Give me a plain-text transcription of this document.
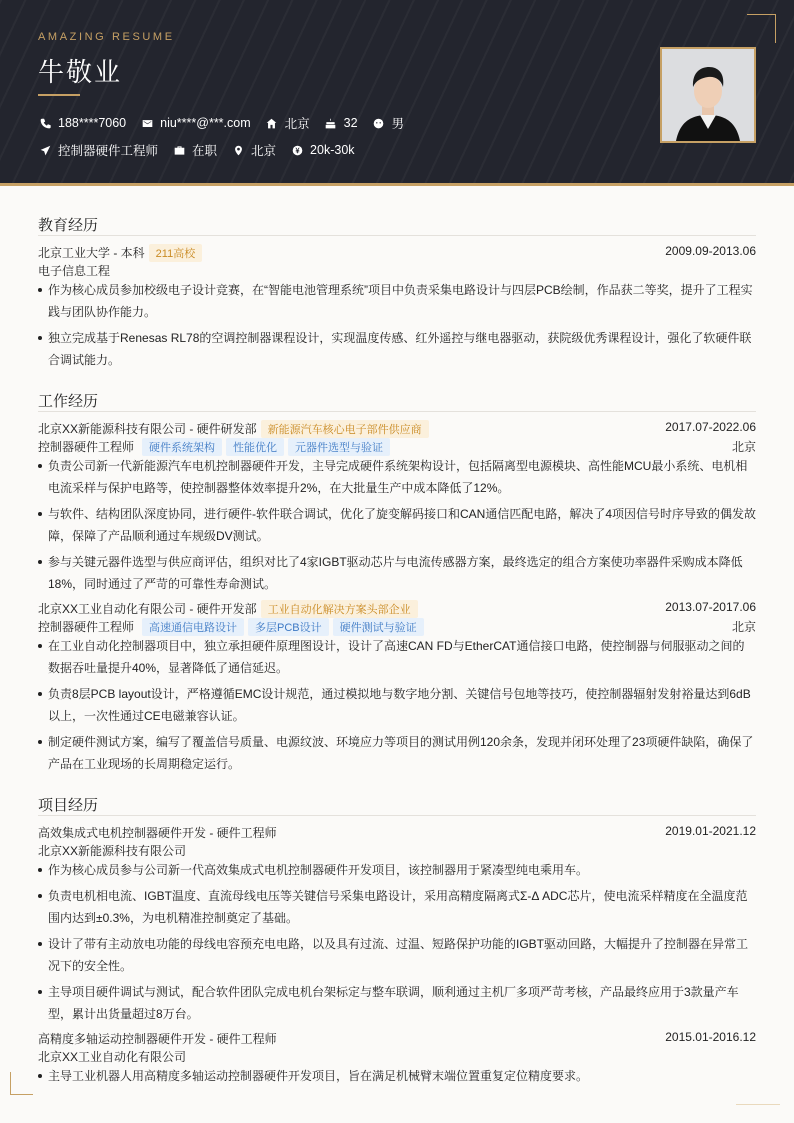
AMAZING RESUME
牛敬业
188****7060	niu****@***.com	北京	32	男
控制器硬件工程师	在职	北京	20k-30k
教育经历
北京工业大学 - 本科 211高校	2009.09-2013.06
电子信息工程
作为核心成员参加校级电子设计竞赛，在“智能电池管理系统”项目中负责采集电路设计与四层PCB绘制，作品获二等奖，提升了工程实践与团队协作能力。
独立完成基于Renesas RL78的空调控制器课程设计，实现温度传感、红外遥控与继电器驱动，获院级优秀课程设计，强化了软硬件联合调试能力。
工作经历
北京XX新能源科技有限公司 - 硬件研发部 新能源汽车核心电子部件供应商	2017.07-2022.06
控制器硬件工程师 硬件系统架构 性能优化 元器件选型与验证	北京
负责公司新一代新能源汽车电机控制器硬件开发，主导完成硬件系统架构设计，包括隔离型电源模块、高性能MCU最小系统、电机相电流采样与保护电路等，使控制器整体效率提升2%，在大批量生产中成本降低了12%。
与软件、结构团队深度协同，进行硬件-软件联合调试，优化了旋变解码接口和CAN通信匹配电路，解决了4项因信号时序导致的偶发故障，保障了产品顺利通过车规级DV测试。
参与关键元器件选型与供应商评估，组织对比了4家IGBT驱动芯片与电流传感器方案，最终选定的组合方案使功率器件采购成本降低18%，同时通过了严苛的可靠性寿命测试。
北京XX工业自动化有限公司 - 硬件开发部 工业自动化解决方案头部企业	2013.07-2017.06
控制器硬件工程师 高速通信电路设计 多层PCB设计 硬件测试与验证	北京
在工业自动化控制器项目中，独立承担硬件原理图设计，设计了高速CAN FD与EtherCAT通信接口电路，使控制器与伺服驱动之间的数据吞吐量提升40%，显著降低了通信延迟。
负责8层PCB layout设计，严格遵循EMC设计规范，通过模拟地与数字地分割、关键信号包地等技巧，使控制器辐射发射裕量达到6dB以上，一次性通过CE电磁兼容认证。
制定硬件测试方案，编写了覆盖信号质量、电源纹波、环境应力等项目的测试用例120余条，发现并闭环处理了23项硬件缺陷，确保了产品在工业现场的长周期稳定运行。
项目经历
高效集成式电机控制器硬件开发 - 硬件工程师	2019.01-2021.12
北京XX新能源科技有限公司
作为核心成员参与公司新一代高效集成式电机控制器硬件开发项目，该控制器用于紧凑型纯电乘用车。
负责电机相电流、IGBT温度、直流母线电压等关键信号采集电路设计，采用高精度隔离式Σ-Δ ADC芯片，使电流采样精度在全温度范围内达到±0.3%，为电机精准控制奠定了基础。
设计了带有主动放电功能的母线电容预充电电路，以及具有过流、过温、短路保护功能的IGBT驱动回路，大幅提升了控制器在异常工况下的安全性。
主导项目硬件调试与测试，配合软件团队完成电机台架标定与整车联调，顺利通过主机厂多项严苛考核，产品最终应用于3款量产车型，累计出货量超过8万台。
高精度多轴运动控制器硬件开发 - 硬件工程师	2015.01-2016.12
北京XX工业自动化有限公司
主导工业机器人用高精度多轴运动控制器硬件开发项目，旨在满足机械臂末端位置重复定位精度要求。
